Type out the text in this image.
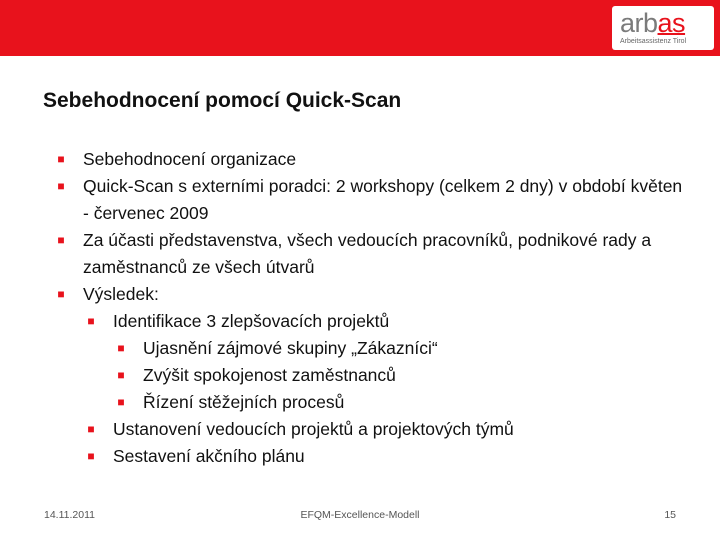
arbas
Arbeitsassistenz Tirol
Sebehodnocení pomocí Quick-Scan
■ Sebehodnocení organizace
■ Quick-Scan s externími poradci: 2 workshopy (celkem 2 dny) v období květen - červenec 2009
■ Za účasti představenstva, všech vedoucích pracovníků, podnikové rady a zaměstnanců ze všech útvarů
■ Výsledek:
■ Identifikace 3 zlepšovacích projektů
■ Ujasnění zájmové skupiny „Zákazníci“
■ Zvýšit spokojenost zaměstnanců
■ Řízení stěžejních procesů
■ Ustanovení vedoucích projektů a projektových týmů
■ Sestavení akčního plánu
14.11.2011	EFQM-Excellence-Modell	15
